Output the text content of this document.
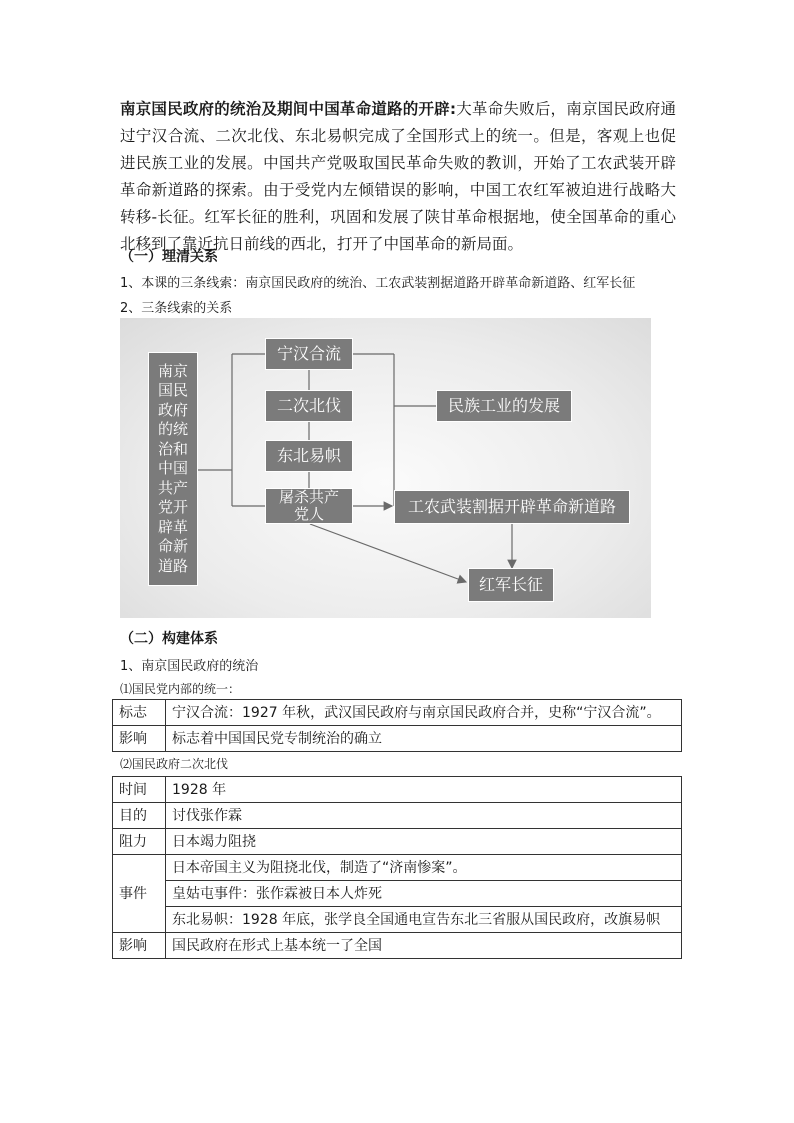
南京国民政府的统治及期间中国革命道路的开辟:大革命失败后，南京国民政府通过宁汉合流、二次北伐、东北易帜完成了全国形式上的统一。但是，客观上也促进民族工业的发展。中国共产党吸取国民革命失败的教训，开始了工农武装开辟革命新道路的探索。由于受党内左倾错误的影响，中国工农红军被迫进行战略大转移-长征。红军长征的胜利，巩固和发展了陕甘革命根据地，使全国革命的重心北移到了靠近抗日前线的西北，打开了中国革命的新局面。

（一）理清关系

1、本课的三条线索：南京国民政府的统治、工农武装割据道路开辟革命新道路、红军长征

2、三条线索的关系

南京国民政府的统治和中国共产党开辟革命新道路
宁汉合流
二次北伐
东北易帜
屠杀共产党人
民族工业的发展
工农武装割据开辟革命新道路
红军长征

（二）构建体系

1、南京国民政府的统治

⑴国民党内部的统一：

标志	宁汉合流：1927 年秋，武汉国民政府与南京国民政府合并，史称“宁汉合流”。
影响	标志着中国国民党专制统治的确立

⑵国民政府二次北伐

时间	1928 年
目的	讨伐张作霖
阻力	日本竭力阻挠
事件	日本帝国主义为阻挠北伐，制造了“济南惨案”。
	皇姑屯事件：张作霖被日本人炸死
	东北易帜：1928 年底，张学良全国通电宣告东北三省服从国民政府，改旗易帜
影响	国民政府在形式上基本统一了全国
